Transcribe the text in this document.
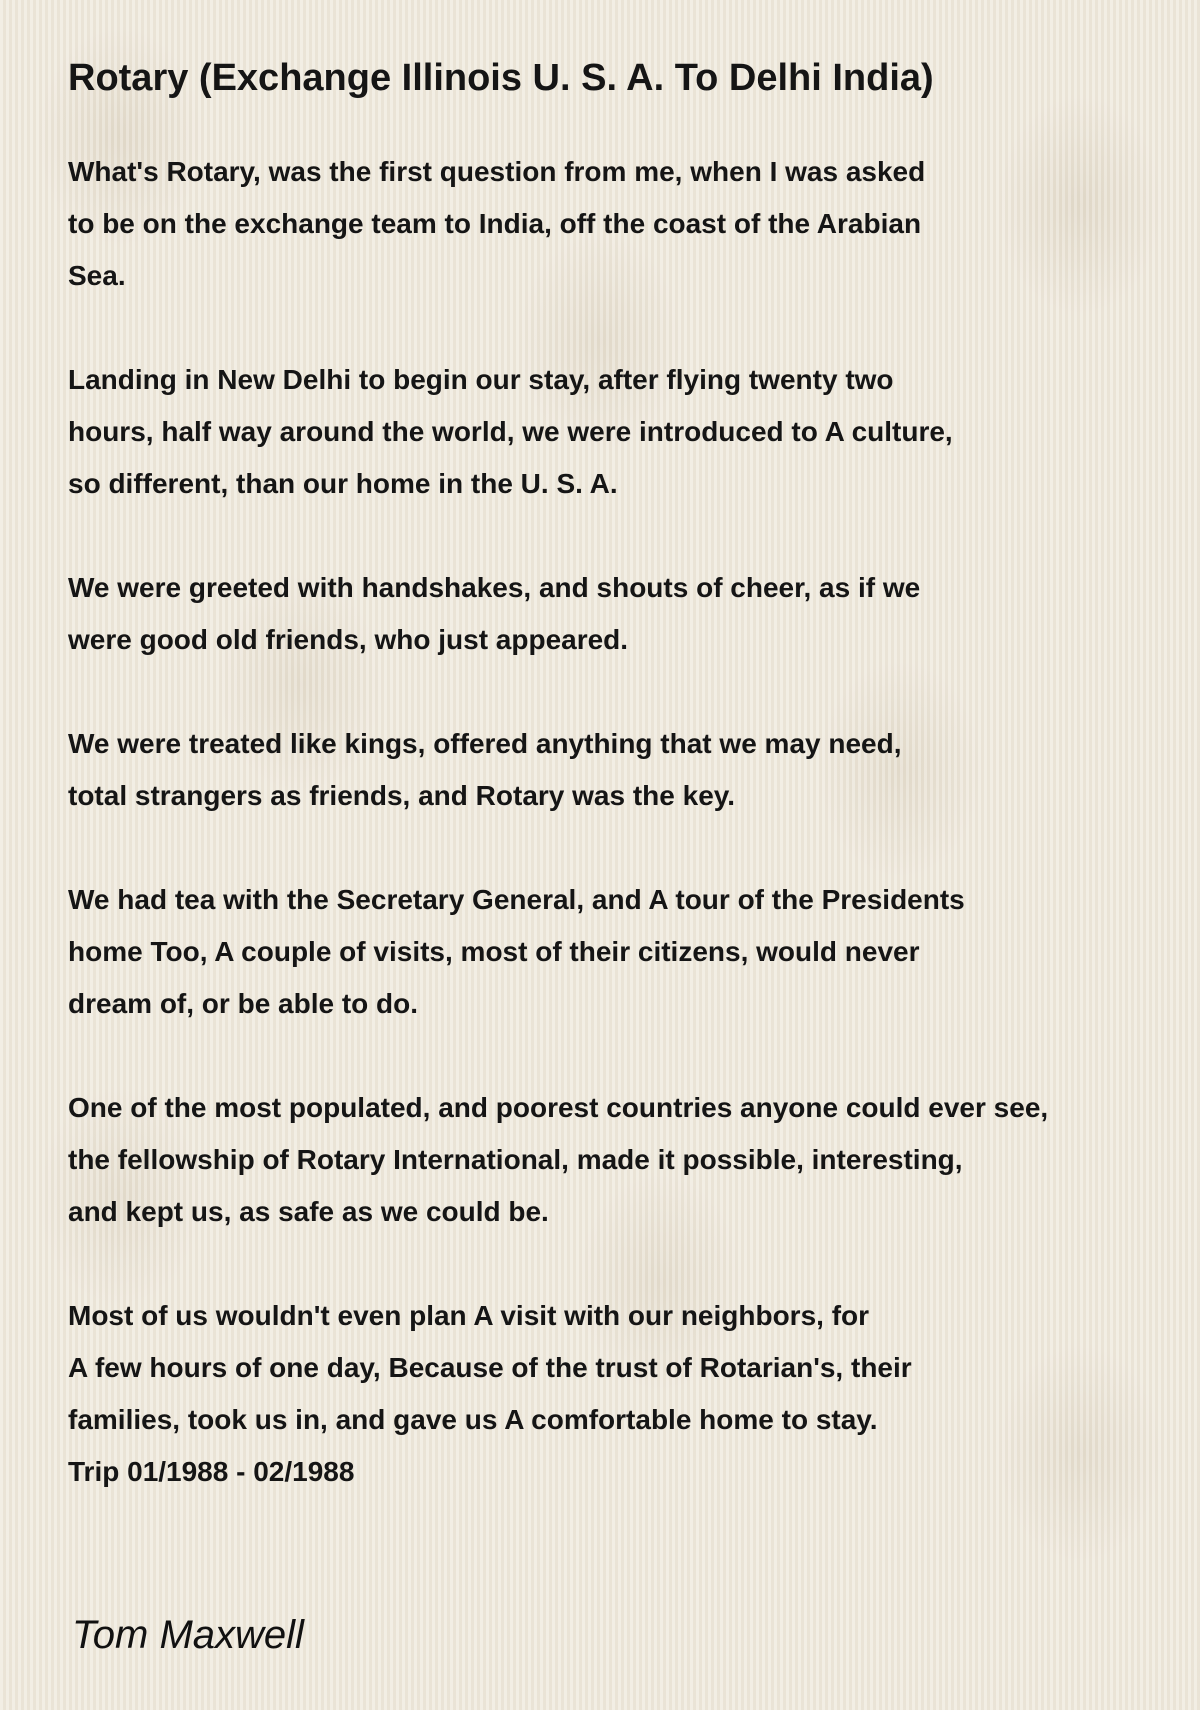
Rotary (Exchange Illinois U. S. A. To Delhi India)
What's Rotary, was the first question from me, when I was asked
to be on the exchange team to India, off the coast of the Arabian
Sea.
Landing in New Delhi to begin our stay, after flying twenty two
hours, half way around the world, we were introduced to A culture,
so different, than our home in the U. S. A.
We were greeted with handshakes, and shouts of cheer, as if we
were good old friends, who just appeared.
We were treated like kings, offered anything that we may need,
total strangers as friends, and Rotary was the key.
We had tea with the Secretary General, and A tour of the Presidents
home Too, A couple of visits, most of their citizens, would never
dream of, or be able to do.
One of the most populated, and poorest countries anyone could ever see,
the fellowship of Rotary International, made it possible, interesting,
and kept us, as safe as we could be.
Most of us wouldn't even plan A visit with our neighbors, for
A few hours of one day, Because of the trust of Rotarian's, their
families, took us in, and gave us A comfortable home to stay.
Trip 01/1988 - 02/1988
Tom Maxwell
